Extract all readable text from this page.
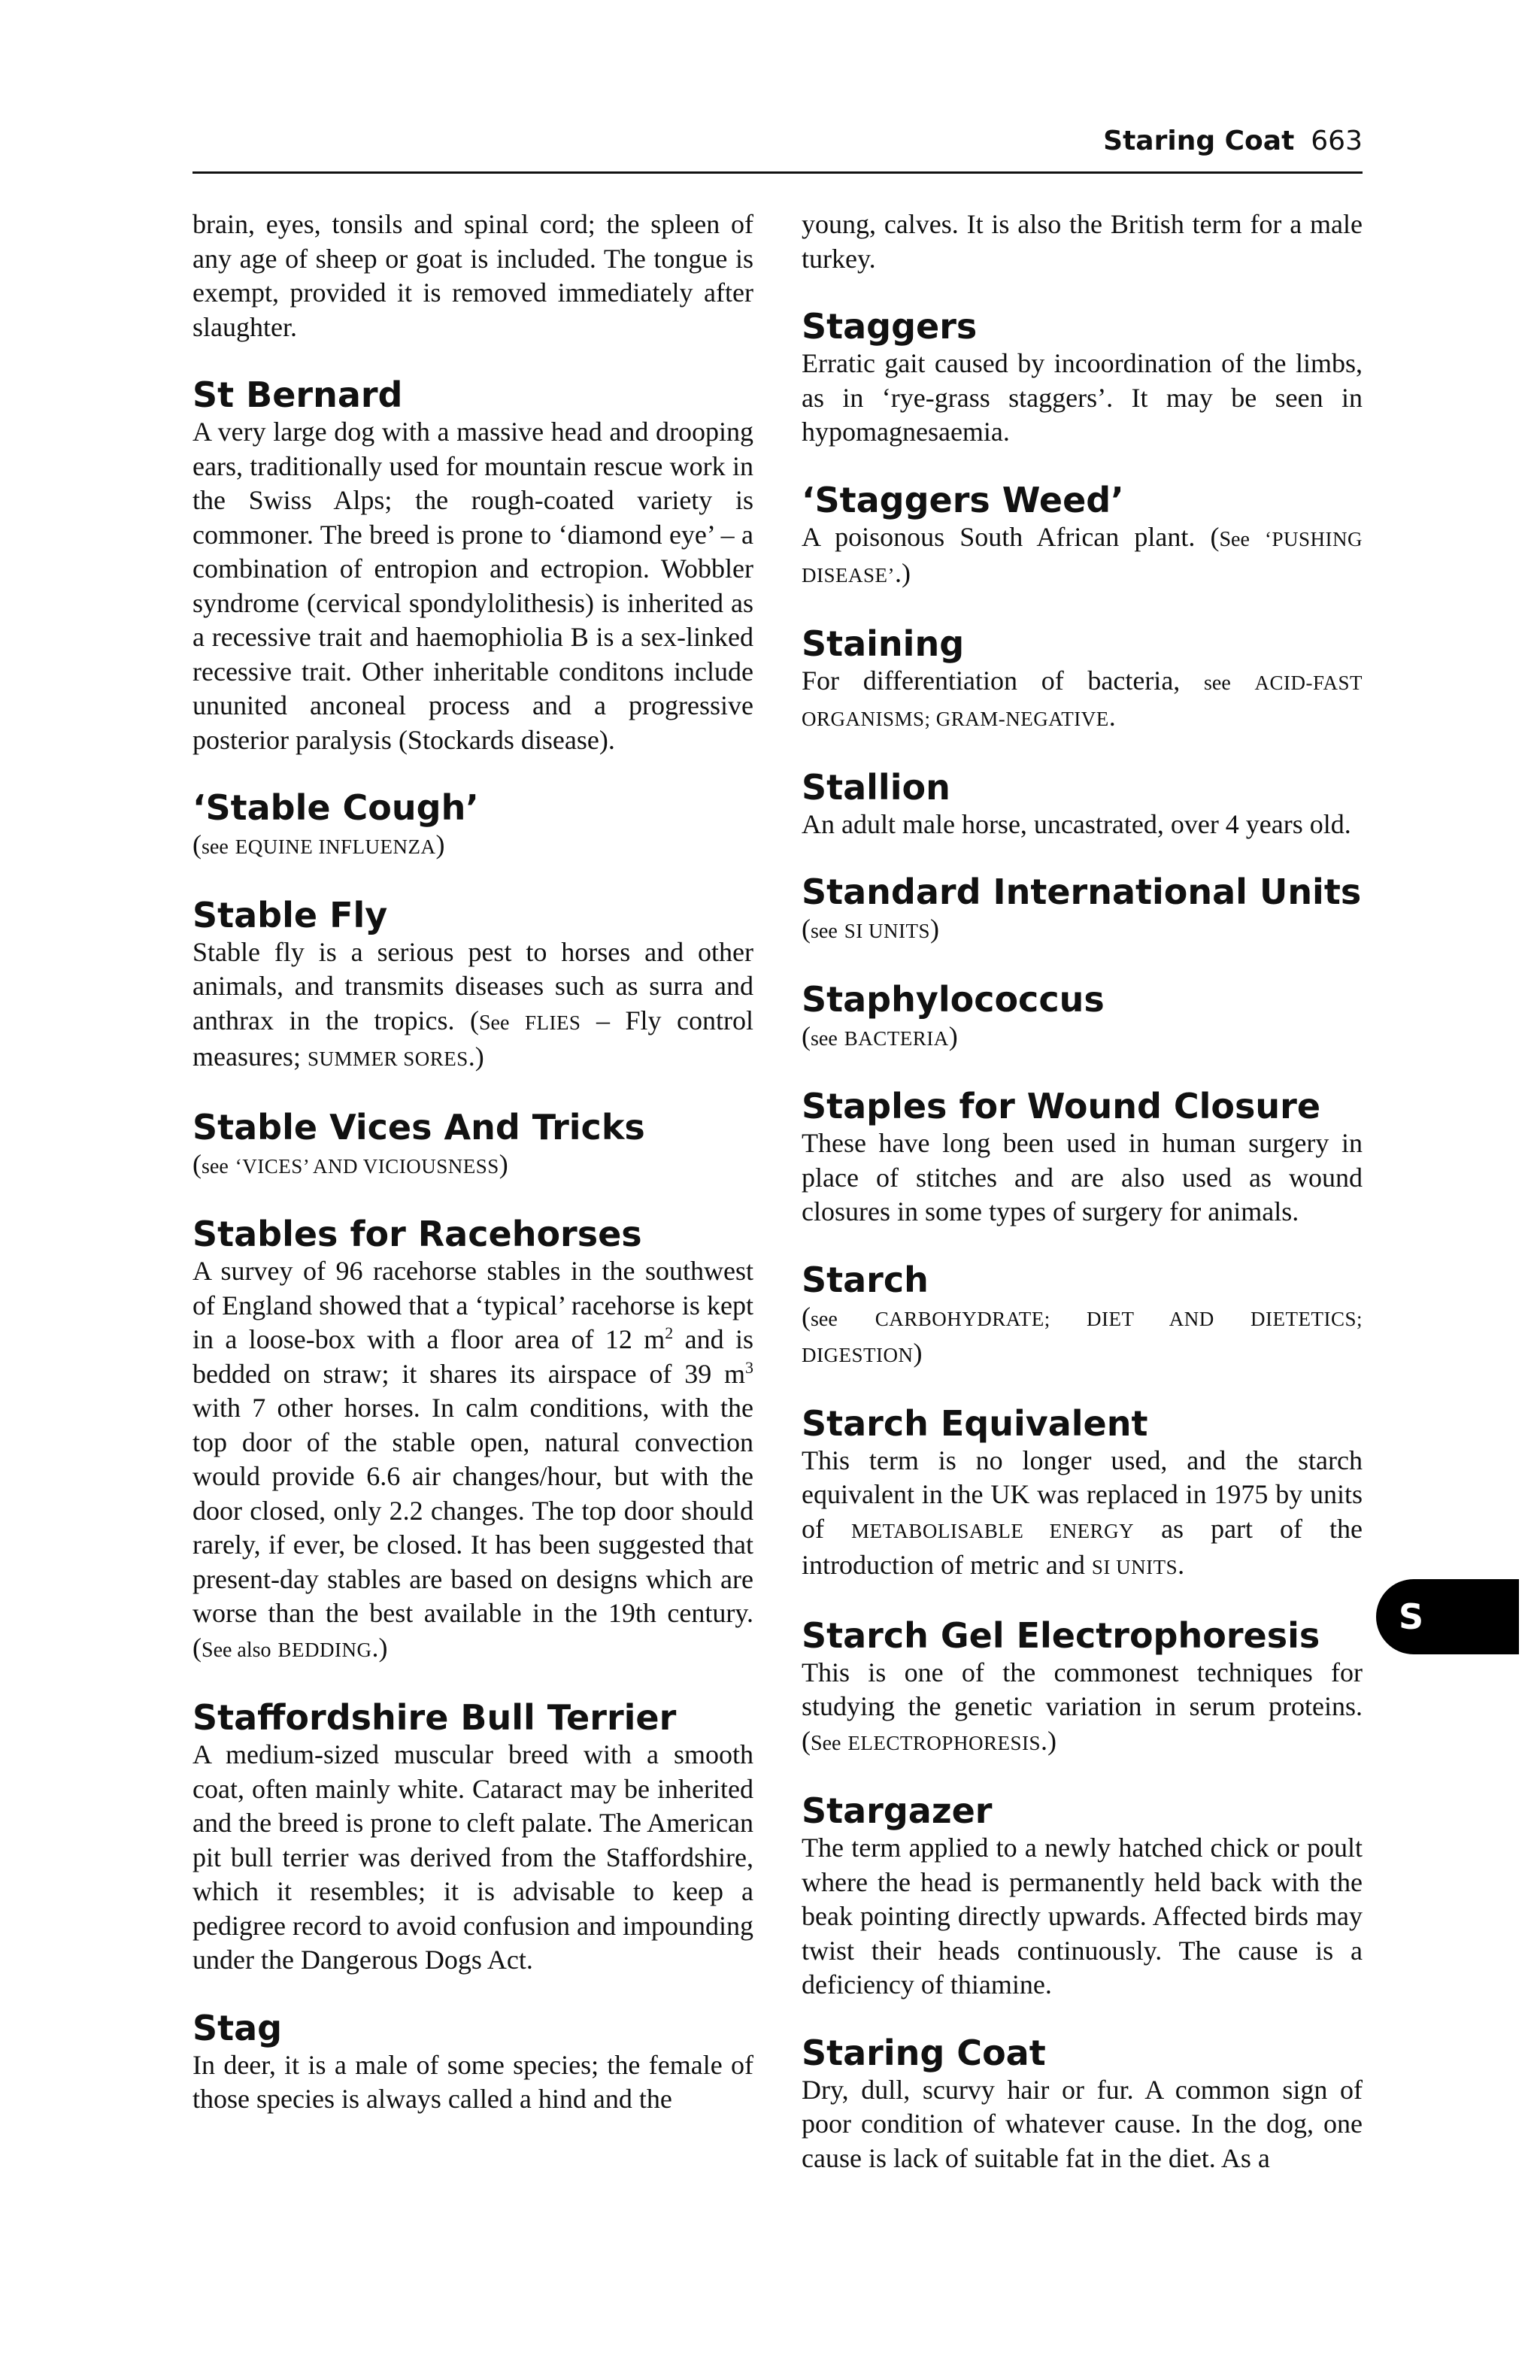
Staring Coat 663

brain, eyes, tonsils and spinal cord; the spleen of any age of sheep or goat is included. The tongue is exempt, provided it is removed immediately after slaughter.

St Bernard

A very large dog with a massive head and drooping ears, traditionally used for mountain rescue work in the Swiss Alps; the rough-coated variety is commoner. The breed is prone to ‘diamond eye’ – a combination of entropion and ectropion. Wobbler syndrome (cervical spondylolithesis) is inherited as a recessive trait and haemophiolia B is a sex-linked recessive trait. Other inheritable conditons include ununited anconeal process and a progressive posterior paralysis (Stockards disease).

‘Stable Cough’

(see EQUINE INFLUENZA)

Stable Fly

Stable fly is a serious pest to horses and other animals, and transmits diseases such as surra and anthrax in the tropics. (See FLIES – Fly control measures; SUMMER SORES.)

Stable Vices And Tricks

(see ‘VICES’ AND VICIOUSNESS)

Stables for Racehorses

A survey of 96 racehorse stables in the southwest of England showed that a ‘typical’ racehorse is kept in a loose-box with a floor area of 12 $m^2$ and is bedded on straw; it shares its airspace of 39 $m^3$ with 7 other horses. In calm conditions, with the top door of the stable open, natural convection would provide 6.6 air changes/hour, but with the door closed, only 2.2 changes. The top door should rarely, if ever, be closed. It has been suggested that present-day stables are based on designs which are worse than the best available in the 19th century. (See also BEDDING.)

Staffordshire Bull Terrier

A medium-sized muscular breed with a smooth coat, often mainly white. Cataract may be inherited and the breed is prone to cleft palate. The American pit bull terrier was derived from the Staffordshire, which it resembles; it is advisable to keep a pedigree record to avoid confusion and impounding under the Dangerous Dogs Act.

Stag

In deer, it is a male of some species; the female of those species is always called a hind and the

young, calves. It is also the British term for a male turkey.

Staggers

Erratic gait caused by incoordination of the limbs, as in ‘rye-grass staggers’. It may be seen in hypomagnesaemia.

‘Staggers Weed’

A poisonous South African plant. (See ‘PUSHING DISEASE’.)

Staining

For differentiation of bacteria, see ACID-FAST ORGANISMS; GRAM-NEGATIVE.

Stallion

An adult male horse, uncastrated, over 4 years old.

Standard International Units

(see SI UNITS)

Staphylococcus

(see BACTERIA)

Staples for Wound Closure

These have long been used in human surgery in place of stitches and are also used as wound closures in some types of surgery for animals.

Starch

(see CARBOHYDRATE; DIET AND DIETETICS; DIGESTION)

Starch Equivalent

This term is no longer used, and the starch equivalent in the UK was replaced in 1975 by units of METABOLISABLE ENERGY as part of the introduction of metric and SI UNITS.

Starch Gel Electrophoresis

This is one of the commonest techniques for studying the genetic variation in serum proteins. (See ELECTROPHORESIS.)

Stargazer

The term applied to a newly hatched chick or poult where the head is permanently held back with the beak pointing directly upwards. Affected birds may twist their heads continuously. The cause is a deficiency of thiamine.

Staring Coat

Dry, dull, scurvy hair or fur. A common sign of poor condition of whatever cause. In the dog, one cause is lack of suitable fat in the diet. As a

S
